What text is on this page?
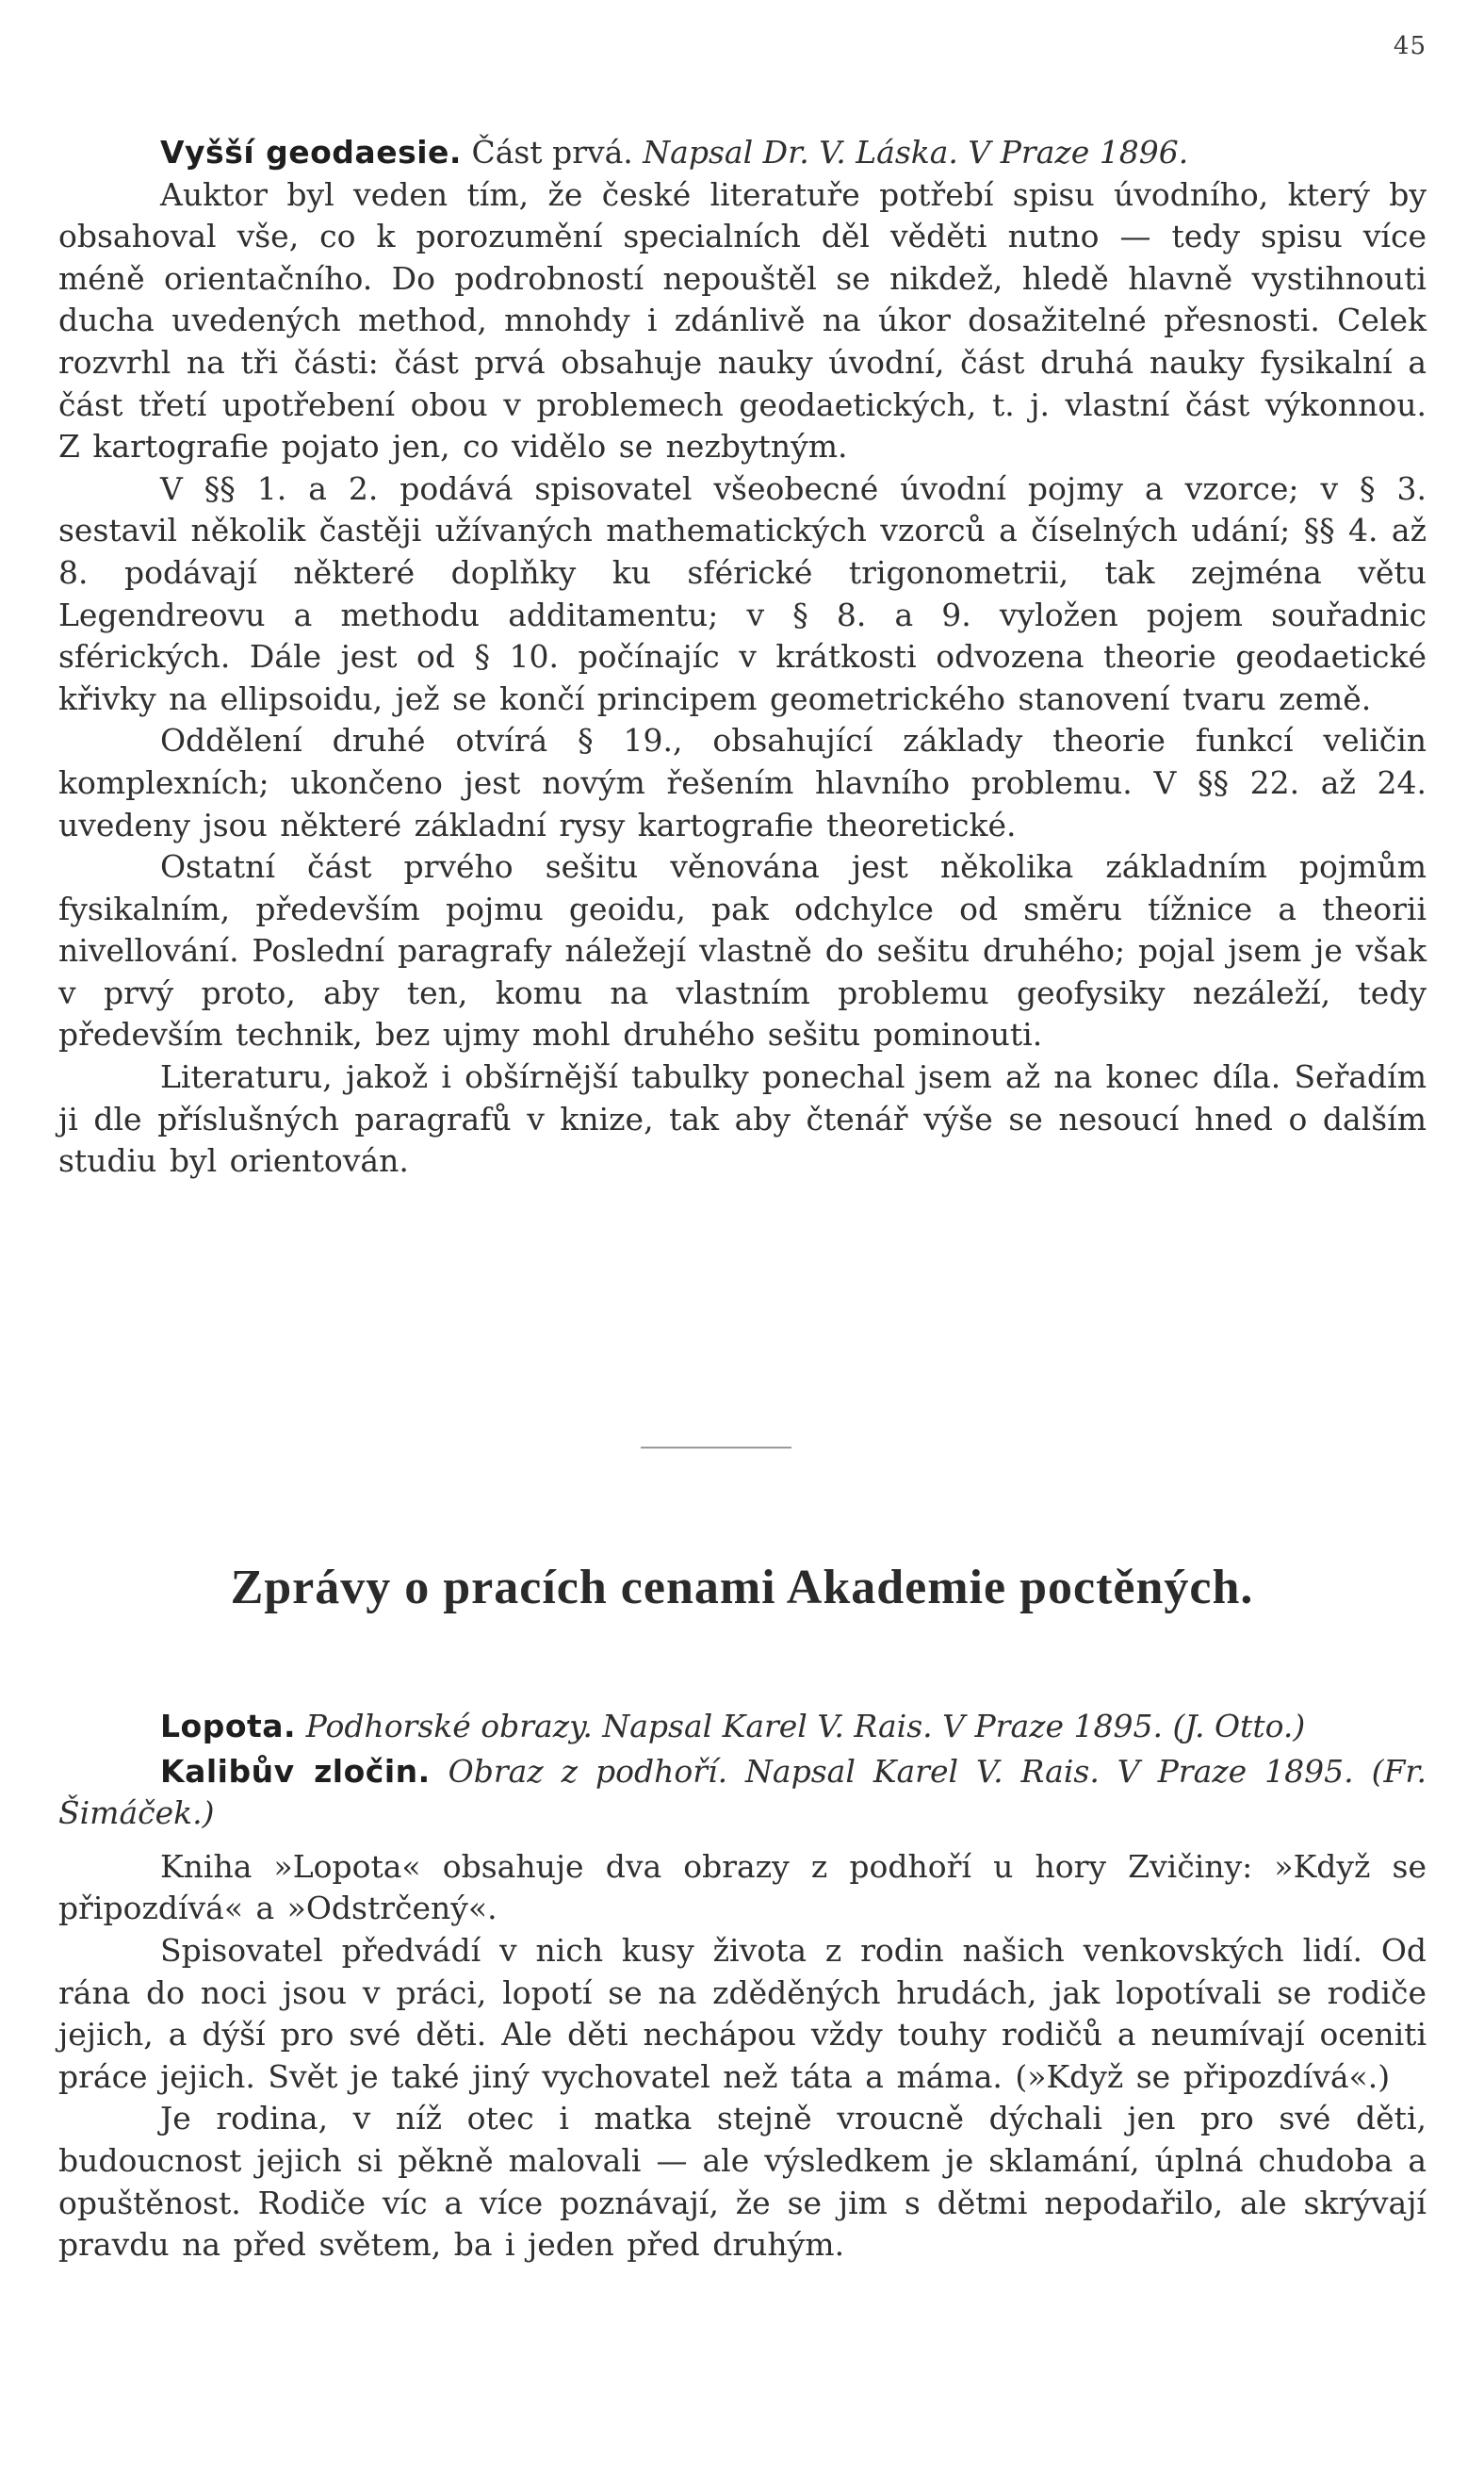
45

Vyšší geodaesie. Část prvá. Napsal Dr. V. Láska. V Praze 1896.

Auktor byl veden tím, že české literatuře potřebí spisu úvodního, který by obsahoval vše, co k porozumění specialních děl věděti nutno — tedy spisu více méně orientačního. Do podrobností nepouštěl se nikdež, hledě hlavně vystihnouti ducha uvedených method, mnohdy i zdánlivě na úkor dosažitelné přesnosti. Celek rozvrhl na tři části: část prvá obsahuje nauky úvodní, část druhá nauky fysikalní a část třetí upotřebení obou v problemech geodaetických, t. j. vlastní část výkonnou. Z kartografie pojato jen, co vidělo se nezbytným.

V §§ 1. a 2. podává spisovatel všeobecné úvodní pojmy a vzorce; v § 3. sestavil několik častěji užívaných mathematických vzorců a číselných udání; §§ 4. až 8. podávají některé doplňky ku sférické trigonometrii, tak zejména větu Legendreovu a methodu additamentu; v § 8. a 9. vyložen pojem souřadnic sférických. Dále jest od § 10. počínajíc v krátkosti odvozena theorie geodaetické křivky na ellipsoidu, jež se končí principem geometrického stanovení tvaru země.

Oddělení druhé otvírá § 19., obsahující základy theorie funkcí veličin komplexních; ukončeno jest novým řešením hlavního problemu. V §§ 22. až 24. uvedeny jsou některé základní rysy kartografie theoretické.

Ostatní část prvého sešitu věnována jest několika základním pojmům fysikalním, především pojmu geoidu, pak odchylce od směru tížnice a theorii nivellování. Poslední paragrafy náležejí vlastně do sešitu druhého; pojal jsem je však v prvý proto, aby ten, komu na vlastním problemu geofysiky nezáleží, tedy především technik, bez ujmy mohl druhého sešitu pominouti.

Literaturu, jakož i obšírnější tabulky ponechal jsem až na konec díla. Seřadím ji dle příslušných paragrafů v knize, tak aby čtenář výše se nesoucí hned o dalším studiu byl orientován.

Zprávy o pracích cenami Akademie poctěných.

Lopota. Podhorské obrazy. Napsal Karel V. Rais. V Praze 1895. (J. Otto.)

Kalibův zločin. Obraz z podhoří. Napsal Karel V. Rais. V Praze 1895. (Fr. Šimáček.)

Kniha »Lopota« obsahuje dva obrazy z podhoří u hory Zvičiny: »Když se připozdívá« a »Odstrčený«.

Spisovatel předvádí v nich kusy života z rodin našich venkovských lidí. Od rána do noci jsou v práci, lopotí se na zděděných hrudách, jak lopotívali se rodiče jejich, a dýší pro své děti. Ale děti nechápou vždy touhy rodičů a neumívají oceniti práce jejich. Svět je také jiný vychovatel než táta a máma. (»Když se připozdívá«.)

Je rodina, v níž otec i matka stejně vroucně dýchali jen pro své děti, budoucnost jejich si pěkně malovali — ale výsledkem je sklamání, úplná chudoba a opuštěnost. Rodiče víc a více poznávají, že se jim s dětmi nepodařilo, ale skrývají pravdu na před světem, ba i jeden před druhým.
